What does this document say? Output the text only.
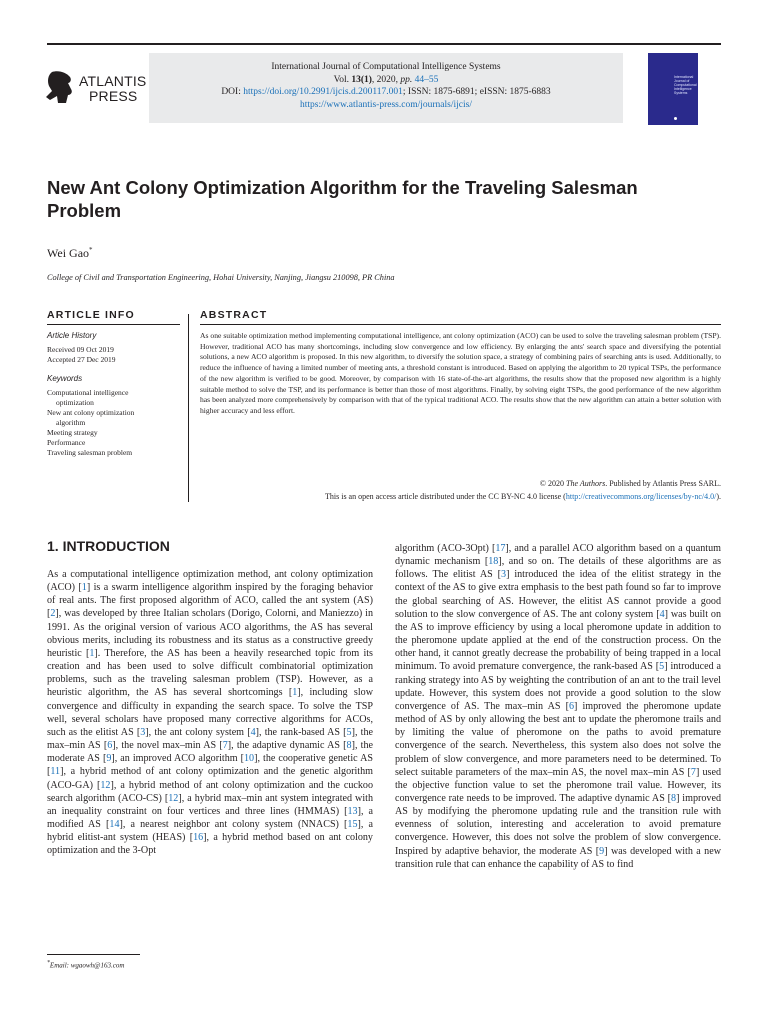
ATLANTIS
PRESS
International Journal of Computational Intelligence Systems
Vol. 13(1), 2020, pp. 44–55
DOI: https://doi.org/10.2991/ijcis.d.200117.001; ISSN: 1875-6891; eISSN: 1875-6883
https://www.atlantis-press.com/journals/ijcis/
International Journal of Computational Intelligence Systems
New Ant Colony Optimization Algorithm for the Traveling Salesman Problem
Wei Gao*
College of Civil and Transportation Engineering, Hohai University, Nanjing, Jiangsu 210098, PR China
ARTICLE INFO	ABSTRACT
Article History
Received 09 Oct 2019
Accepted 27 Dec 2019
Keywords
Computational intelligence
optimization
New ant colony optimization
algorithm
Meeting strategy
Performance
Traveling salesman problem

As one suitable optimization method implementing computational intelligence, ant colony optimization (ACO) can be used to solve the traveling salesman problem (TSP). However, traditional ACO has many shortcomings, including slow convergence and low efficiency. By enlarging the ants' search space and diversifying the potential solutions, a new ACO algorithm is proposed. In this new algorithm, to diversify the solution space, a strategy of combining pairs of searching ants is used. Additionally, to reduce the influence of having a limited number of meeting ants, a threshold constant is introduced. Based on applying the algorithm to 20 typical TSPs, the performance of the new algorithm is verified to be good. Moreover, by comparison with 16 state-of-the-art algorithms, the results show that the proposed new algorithm is a highly suitable method to solve the TSP, and its performance is better than those of most algorithms. Finally, by solving eight TSPs, the good performance of the new algorithm has been analyzed more comprehensively by comparison with that of the typical traditional ACO. The results show that the new algorithm can attain a better solution with higher accuracy and less effort.

© 2020 The Authors. Published by Atlantis Press SARL.
This is an open access article distributed under the CC BY-NC 4.0 license (http://creativecommons.org/licenses/by-nc/4.0/).
1. INTRODUCTION

As a computational intelligence optimization method, ant colony optimization (ACO) [1] is a swarm intelligence algorithm inspired by the foraging behavior of real ants. The first proposed algorithm of ACO, called the ant system (AS) [2], was developed by three Italian scholars (Dorigo, Colorni, and Maniezzo) in 1991. As the original version of various ACO algorithms, the AS has several obvious merits, including its robustness and its status as a constructive greedy heuristic [1]. Therefore, the AS has been a heavily researched topic from its creation and has been used to solve difficult combinatorial optimization problems, such as the traveling salesman problem (TSP). However, as a heuristic algorithm, the AS has several shortcomings [1], including slow convergence and difficulty in expanding the search space. To solve the TSP well, several scholars have proposed many corrective algorithms for ACOs, such as the elitist AS [3], the ant colony system [4], the rank-based AS [5], the max–min AS [6], the novel max–min AS [7], the adaptive dynamic AS [8], the moderate AS [9], an improved ACO algorithm [10], the cooperative genetic AS [11], a hybrid method of ant colony optimization and the genetic algorithm (ACO-GA) [12], a hybrid method of ant colony optimization and the cuckoo search algorithm (ACO-CS) [12], a hybrid max–min ant system integrated with an inequality constraint on four vertices and three lines (HMMAS) [13], a modified AS [14], a nearest neighbor ant colony system (NNACS) [15], a hybrid elitist-ant system (HEAS) [16], a hybrid method based on ant colony optimization and the 3-Opt

algorithm (ACO-3Opt) [17], and a parallel ACO algorithm based on a quantum dynamic mechanism [18], and so on. The details of these algorithms are as follows. The elitist AS [3] introduced the idea of the elitist strategy in the context of the AS to give extra emphasis to the best path found so far to improve the global searching of AS. However, the elitist AS cannot provide a good solution to the slow convergence of AS. The ant colony system [4] was built on the AS to improve efficiency by using a local pheromone update in addition to the pheromone update applied at the end of the construction process. On the other hand, it cannot greatly decrease the probability of being trapped in a local minimum. To avoid premature convergence, the rank-based AS [5] introduced a ranking strategy into AS by weighting the contribution of an ant to the trail level update. However, this system does not provide a good solution to the slow convergence of AS. The max–min AS [6] improved the pheromone update method of AS by only allowing the best ant to update the pheromone trails and by limiting the value of pheromone on the paths to avoid premature convergence of the search. Nevertheless, this system also does not solve the problem of slow convergence, and more parameters need to be determined. To select suitable parameters of the max–min AS, the novel max–min AS [7] used the objective function value to set the pheromone trail value. However, its convergence rate needs to be improved. The adaptive dynamic AS [8] improved AS by modifying the pheromone updating rule and the transition rule with evenness of solution, interesting and acceleration to avoid premature convergence. However, this does not solve the problem of slow convergence. Inspired by adaptive behavior, the moderate AS [9] was developed with a new transition rule that can enhance the capability of AS to find

*Email: wgaowh@163.com
